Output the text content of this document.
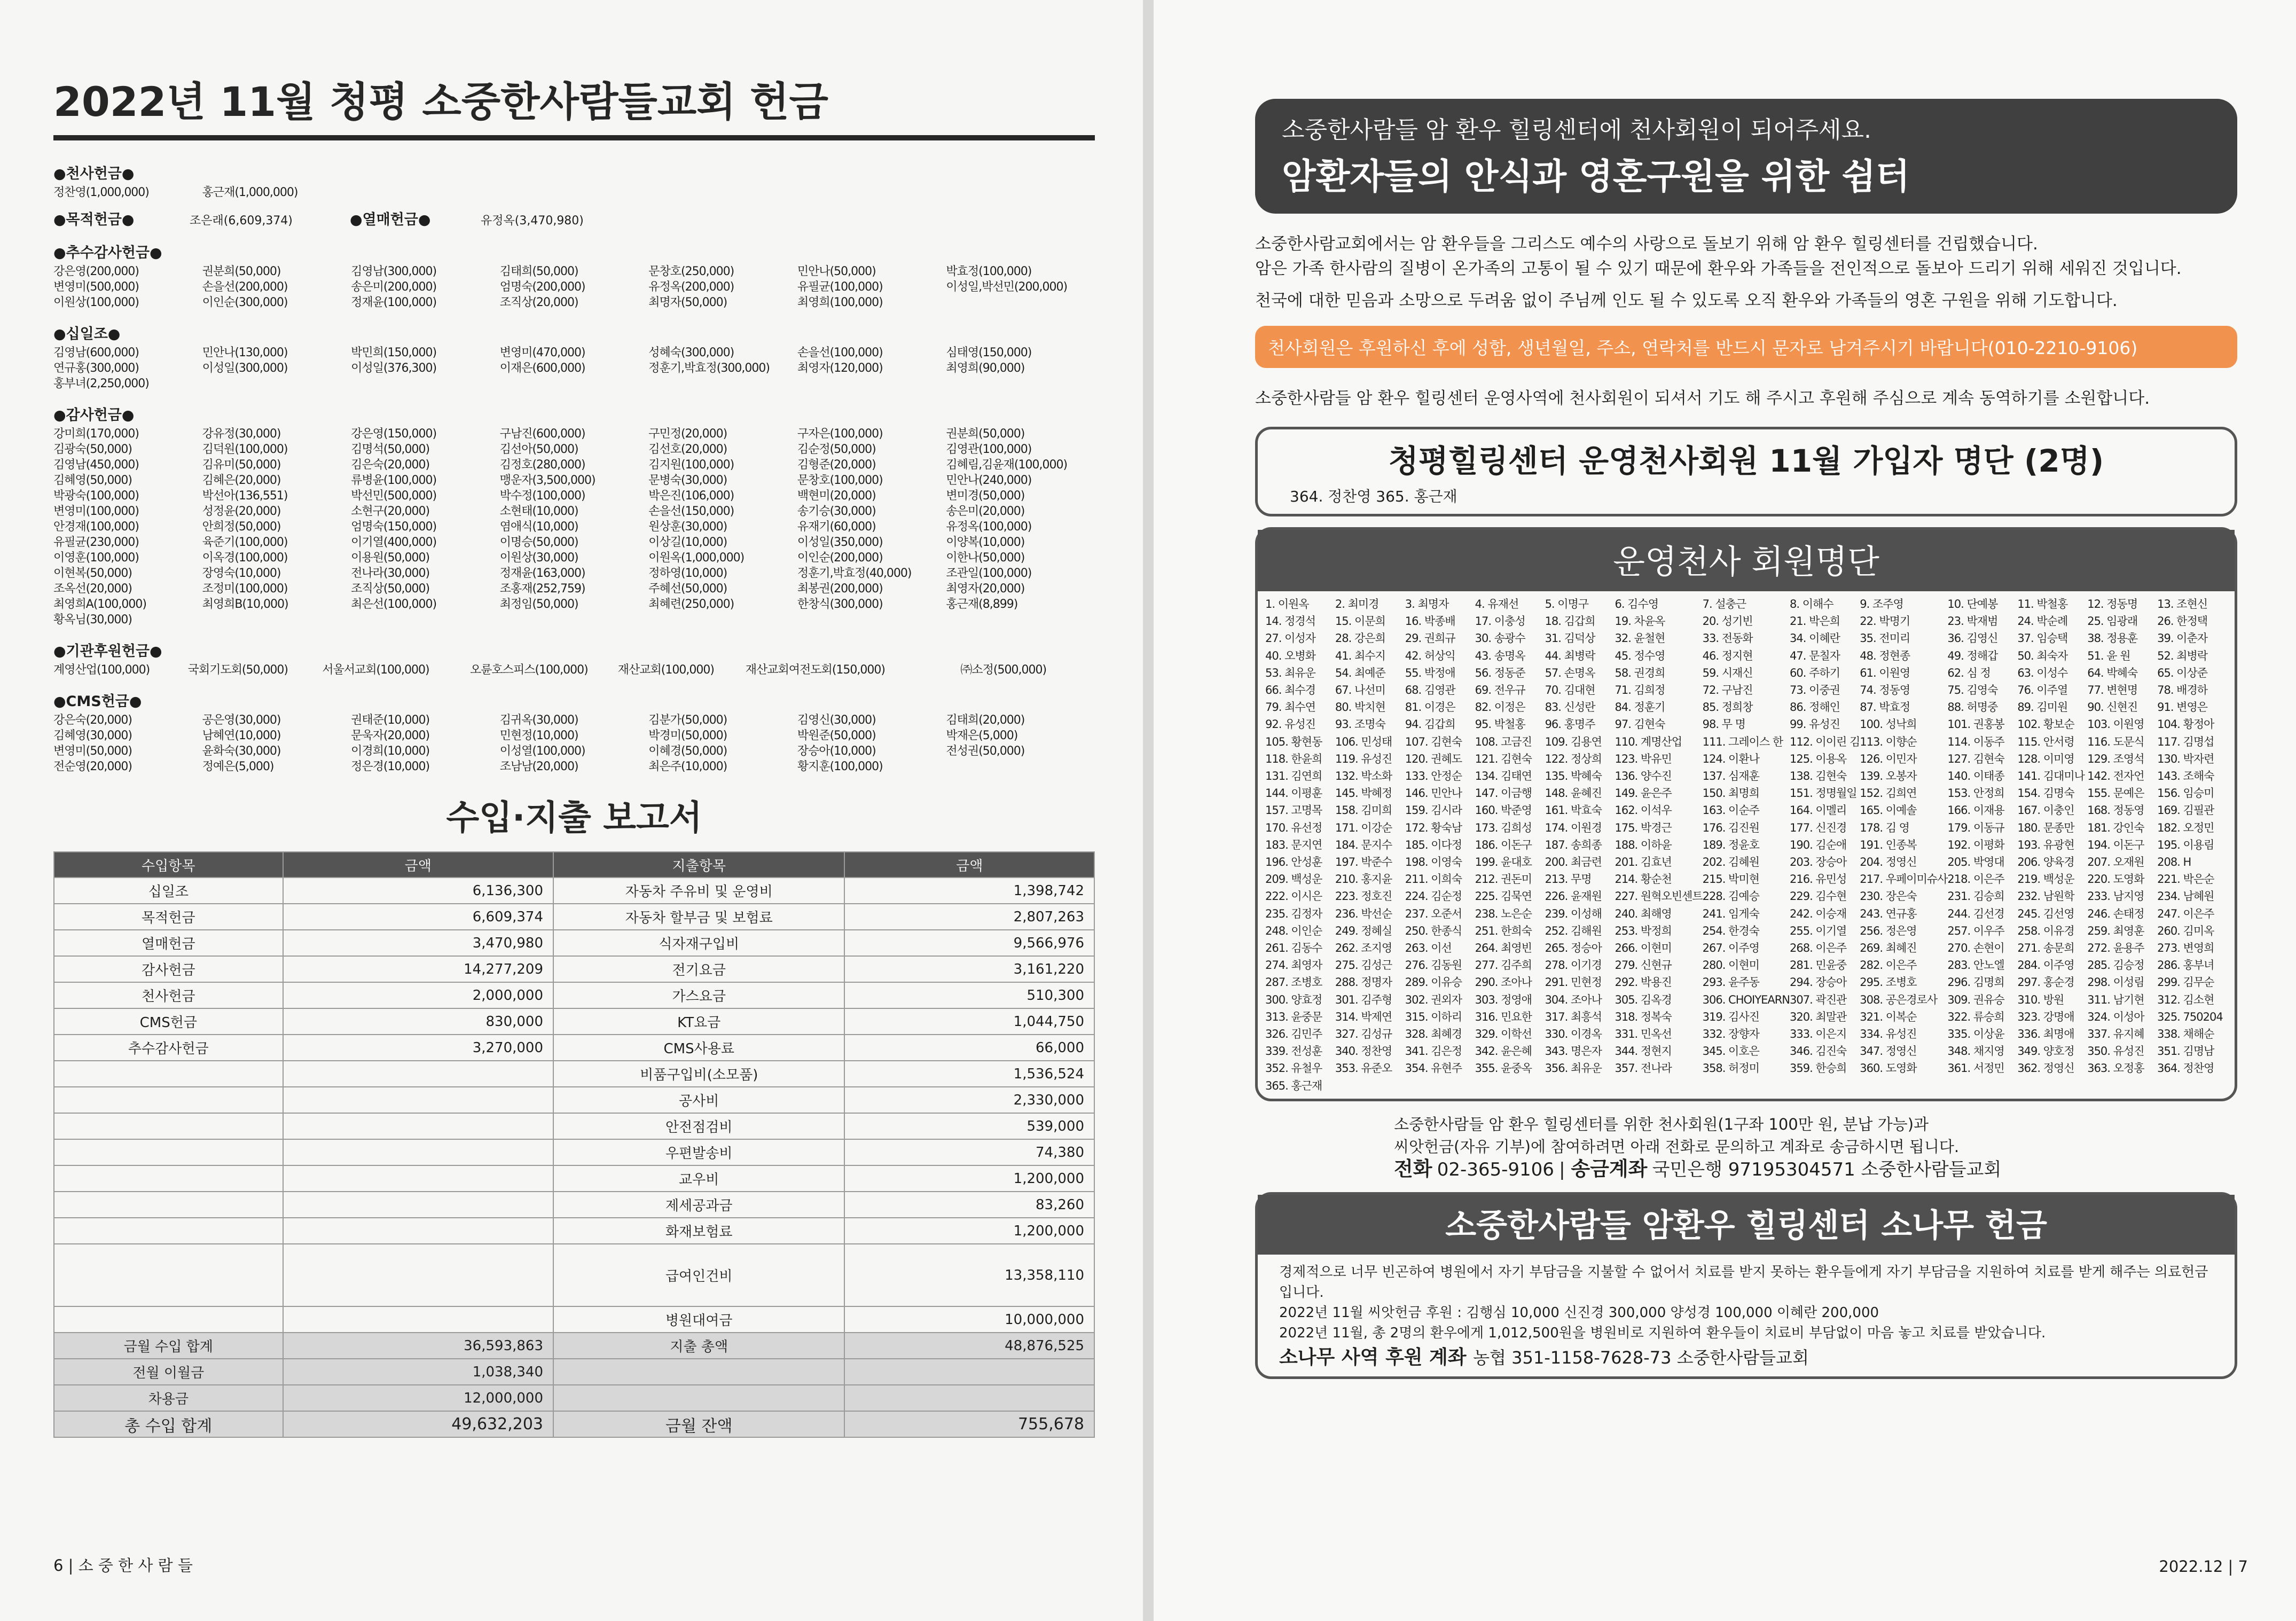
2022년 11월 청평 소중한사람들교회 헌금
●천사헌금●
정찬영(1,000,000)	홍근재(1,000,000)
●목적헌금●	조은래(6,609,374)	●열매헌금●	유정옥(3,470,980)
●추수감사헌금●
강은영(200,000)	권분희(50,000)	김영남(300,000)	김태희(50,000)	문창호(250,000)	민안나(50,000)	박효정(100,000)
변영미(500,000)	손을선(200,000)	송은미(200,000)	엄명숙(200,000)	유정옥(200,000)	유필균(100,000)	이성일,박선민(200,000)
이원상(100,000)	이인순(300,000)	정재윤(100,000)	조직상(20,000)	최명자(50,000)	최영희(100,000)
●십일조●
김영남(600,000)	민안나(130,000)	박민희(150,000)	변영미(470,000)	성혜숙(300,000)	손을선(100,000)	심태영(150,000)
연규홍(300,000)	이성일(300,000)	이성일(376,300)	이재은(600,000)	정훈기,박효정(300,000)	최영자(120,000)	최영희(90,000)
홍부녀(2,250,000)
●감사헌금●
강미희(170,000)	강유정(30,000)	강은영(150,000)	구남진(600,000)	구민정(20,000)	구자은(100,000)	권분희(50,000)
김광숙(50,000)	김덕원(100,000)	김명석(50,000)	김선아(50,000)	김선호(20,000)	김순정(50,000)	김영관(100,000)
김영남(450,000)	김유미(50,000)	김은숙(20,000)	김정호(280,000)	김지원(100,000)	김형준(20,000)	김혜림,김윤재(100,000)
김혜영(50,000)	김혜은(20,000)	류병윤(100,000)	맹운자(3,500,000)	문병숙(30,000)	문창호(100,000)	민안나(240,000)
박광숙(100,000)	박선아(136,551)	박선민(500,000)	박수정(100,000)	박은진(106,000)	백현미(20,000)	변미경(50,000)
변영미(100,000)	성정윤(20,000)	소현구(20,000)	소현태(10,000)	손을선(150,000)	송기승(30,000)	송은미(20,000)
안경재(100,000)	안희정(50,000)	엄명숙(150,000)	염애식(10,000)	원상훈(30,000)	유재기(60,000)	유정옥(100,000)
유필균(230,000)	육준기(100,000)	이기열(400,000)	이명승(50,000)	이상길(10,000)	이성일(350,000)	이양복(10,000)
이영훈(100,000)	이옥경(100,000)	이용원(50,000)	이원상(30,000)	이원옥(1,000,000)	이인순(200,000)	이한나(50,000)
이현복(50,000)	장영숙(10,000)	전나라(30,000)	정재윤(163,000)	정하영(10,000)	정훈기,박효정(40,000)	조관일(100,000)
조옥선(20,000)	조정미(100,000)	조직상(50,000)	조홍재(252,759)	주혜선(50,000)	최봉권(200,000)	최영자(20,000)
최영희A(100,000)	최영희B(10,000)	최은선(100,000)	최정임(50,000)	최혜련(250,000)	한창식(300,000)	홍근재(8,899)
황옥님(30,000)
●기관후원헌금●
계영산업(100,000)	국회기도회(50,000)	서울서교회(100,000)	오륜호스피스(100,000)	재산교회(100,000)	재산교회여전도회(150,000)	㈜소정(500,000)
●CMS헌금●
강은숙(20,000)	공은영(30,000)	권태준(10,000)	김귀옥(30,000)	김분가(50,000)	김영신(30,000)	김태희(20,000)
김혜영(30,000)	남혜연(10,000)	문욱자(20,000)	민현정(10,000)	박경미(50,000)	박원준(50,000)	박재은(5,000)
변영미(50,000)	윤화숙(30,000)	이경희(10,000)	이성열(100,000)	이혜경(50,000)	장승아(10,000)	전성권(50,000)
전순영(20,000)	정예은(5,000)	정은경(10,000)	조남남(20,000)	최은주(10,000)	황지훈(100,000)
수입·지출 보고서
수입항목	금액	지출항목	금액
십일조	6,136,300	자동차 주유비 및 운영비	1,398,742
목적헌금	6,609,374	자동차 할부금 및 보험료	2,807,263
열매헌금	3,470,980	식자재구입비	9,566,976
감사헌금	14,277,209	전기요금	3,161,220
천사헌금	2,000,000	가스요금	510,300
CMS헌금	830,000	KT요금	1,044,750
추수감사헌금	3,270,000	CMS사용료	66,000
		비품구입비(소모품)	1,536,524
		공사비	2,330,000
		안전점검비	539,000
		우편발송비	74,380
		교우비	1,200,000
		제세공과금	83,260
		화재보험료	1,200,000
		급여인건비	13,358,110
		병원대여금	10,000,000
금월 수입 합계	36,593,863	지출 총액	48,876,525
전월 이월금	1,038,340		
차용금	12,000,000		
총 수입 합계	49,632,203	금월 잔액	755,678
6 | 소 중 한 사 람 들
소중한사람들 암 환우 힐링센터에 천사회원이 되어주세요.
암환자들의 안식과 영혼구원을 위한 쉼터
소중한사람교회에서는 암 환우들을 그리스도 예수의 사랑으로 돌보기 위해 암 환우 힐링센터를 건립했습니다.
암은 가족 한사람의 질병이 온가족의 고통이 될 수 있기 때문에 환우와 가족들을 전인적으로 돌보아 드리기 위해 세워진 것입니다.
천국에 대한 믿음과 소망으로 두려움 없이 주님께 인도 될 수 있도록 오직 환우와 가족들의 영혼 구원을 위해 기도합니다.
천사회원은 후원하신 후에 성함, 생년월일, 주소, 연락처를 반드시 문자로 남겨주시기 바랍니다(010-2210-9106)
소중한사람들 암 환우 힐링센터 운영사역에 천사회원이 되셔서 기도 해 주시고 후원해 주심으로 계속 동역하기를 소원합니다.
청평힐링센터 운영천사회원 11월 가입자 명단 (2명)
364. 정찬영 365. 홍근재
운영천사 회원명단
1. 이원옥	2. 최미경	3. 최명자	4. 유재선	5. 이명구	6. 김수영	7. 설충근	8. 이해수	9. 조주영	10. 단예봉	11. 박철홍	12. 정동명	13. 조현신
14. 정경석	15. 이문희	16. 박종배	17. 이충성	18. 김갑희	19. 차윤옥	20. 성기빈	21. 박은희	22. 박명기	23. 박재범	24. 박순례	25. 임광래	26. 한정택
27. 이성자	28. 강은희	29. 권희규	30. 송광수	31. 김덕상	32. 윤철현	33. 전동화	34. 이혜란	35. 전미리	36. 김영신	37. 임승택	38. 정용훈	39. 이춘자
40. 오병화	41. 최수지	42. 허상익	43. 송명옥	44. 최병락	45. 정수영	46. 정지현	47. 문칠자	48. 정현종	49. 정해갑	50. 최숙자	51. 윤 원	52. 최병락
53. 최유운	54. 최예준	55. 박정애	56. 정동준	57. 손명옥	58. 권경희	59. 시재신	60. 주하기	61. 이원영	62. 심 정	63. 이성수	64. 박혜숙	65. 이상준
66. 최수경	67. 나선미	68. 김영관	69. 전우규	70. 김대현	71. 김희정	72. 구남진	73. 이중권	74. 정동영	75. 김영숙	76. 이주열	77. 변현명	78. 배경하
79. 최수연	80. 박치현	81. 이경은	82. 이정은	83. 신성란	84. 정훈기	85. 정희창	86. 정해인	87. 박효정	88. 허명중	89. 김미원	90. 신현진	91. 변영은
92. 유성진	93. 조명숙	94. 김갑희	95. 박철홍	96. 홍명주	97. 김현숙	98. 무 명	99. 유성진	100. 성낙희	101. 권홍봉	102. 황보순	103. 이원영	104. 황정아
105. 황현동	106. 민성태	107. 김현숙	108. 고금진	109. 김용연	110. 계명산업	111. 그레이스 한 112. 이이린 김 113. 이향순	114. 이동주	115. 안서령	116. 도문식	117. 김명섭
118. 한윤희	119. 유성진	120. 권혜도	121. 김현숙	122. 정상희	123. 박유민	124. 이환나	125. 이용옥	126. 이민자	127. 김현숙	128. 이미영	129. 조영석	130. 박자련
131. 김연희	132. 박소화	133. 안정순	134. 김태연	135. 박혜숙	136. 양수진	137. 심재훈	138. 김현숙	139. 오봉자	140. 이태종	141. 김대미나 142. 전자언	143. 조해숙
144. 이평훈	145. 박혜정	146. 민안나	147. 이금행	148. 윤혜진	149. 윤은주	150. 최명희	151. 정명월일 152. 김희연	153. 안정희	154. 김명숙	155. 문예은	156. 임승미
157. 고명목	158. 김미희	159. 김시라	160. 박준영	161. 박효숙	162. 이석우	163. 이순주	164. 이멜리	165. 이예솔	166. 이재용	167. 이충인	168. 정동영	169. 김필관
170. 유선정	171. 이강순	172. 황숙남	173. 김희성	174. 이원경	175. 박경근	176. 김진원	177. 신진경	178. 김 영	179. 이동규	180. 문종만	181. 강인숙	182. 오정민
183. 문지연	184. 문지수	185. 이다정	186. 이돈구	187. 송희종	188. 이하윤	189. 정윤호	190. 김순애	191. 인종복	192. 이평화	193. 유광현	194. 이돈구	195. 이용림
196. 안성훈	197. 박준수	198. 이영숙	199. 윤대호	200. 최금련	201. 김효년	202. 김혜원	203. 장승아	204. 정영신	205. 박영대	206. 양육경	207. 오재원	208. H
209. 백성운	210. 홍지윤	211. 이희숙	212. 권돈미	213. 무명	214. 황순천	215. 박미현	216. 유민성	217. 우페이미슈사 218. 이은주	219. 백성운	220. 도영화	221. 박은순
222. 이시은	223. 정호진	224. 김순정	225. 김묵연	226. 윤재원	227. 원혁오빈센트 228. 김예승	229. 김수현	230. 장은숙	231. 김승희	232. 남원학	233. 남지영	234. 남혜원
235. 김정자	236. 박선순	237. 오준서	238. 노은순	239. 이성해	240. 최해영	241. 임게숙	242. 이승재	243. 연규홍	244. 김선경	245. 김선영	246. 손태정	247. 이은주
248. 이인순	249. 정혜실	250. 한종식	251. 한희숙	252. 김해원	253. 박정희	254. 한경숙	255. 이기열	256. 정은영	257. 이우주	258. 이유경	259. 최영훈	260. 김미옥
261. 김동수	262. 조지영	263. 이선	264. 최영빈	265. 정승아	266. 이현미	267. 이주영	268. 이은주	269. 최혜진	270. 손현이	271. 송문희	272. 윤용주	273. 변영희
274. 최영자	275. 김성근	276. 김동원	277. 김주희	278. 이기경	279. 신현규	280. 이현미	281. 민윤중	282. 이은주	283. 안노엘	284. 이주영	285. 김승정	286. 홍부녀
287. 조병호	288. 정명자	289. 이유승	290. 조아나	291. 민현정	292. 박용진	293. 윤주동	294. 장승아	295. 조병호	296. 김명희	297. 홍순경	298. 이성림	299. 김무순
300. 양효정	301. 김주형	302. 권외자	303. 정영애	304. 조아나	305. 김옥경	306. CHOIYEARN 307. 곽진관	308. 공은경로사 309. 권유승	310. 방원	311. 남기현	312. 김소현
313. 윤중문	314. 박제연	315. 이하리	316. 민요한	317. 최흥석	318. 정복숙	319. 김사진	320. 최말관	321. 이복순	322. 류승희	323. 강명애	324. 이성아	325. 750204
326. 김민주	327. 김성규	328. 최혜경	329. 이학선	330. 이경옥	331. 민옥선	332. 장향자	333. 이은지	334. 유성진	335. 이상윤	336. 최명애	337. 유지혜	338. 채해순
339. 전성훈	340. 정찬영	341. 김은정	342. 윤은혜	343. 명은자	344. 정현지	345. 이호은	346. 김진숙	347. 정영신	348. 채지영	349. 양호정	350. 유성진	351. 김명남
352. 유철우	353. 유준오	354. 유현주	355. 윤중옥	356. 최유운	357. 전나라	358. 허정미	359. 한승희	360. 도영화	361. 서정민	362. 정영신	363. 오정홍	364. 정찬영
365. 홍근재
소중한사람들 암 환우 힐링센터를 위한 천사회원(1구좌 100만 원, 분납 가능)과
씨앗헌금(자유 기부)에 참여하려면 아래 전화로 문의하고 계좌로 송금하시면 됩니다.
전화 02-365-9106 | 송금계좌 국민은행 97195304571 소중한사람들교회
소중한사람들 암환우 힐링센터 소나무 헌금
경제적으로 너무 빈곤하여 병원에서 자기 부담금을 지불할 수 없어서 치료를 받지 못하는 환우들에게 자기 부담금을 지원하여 치료를 받게 해주는 의료헌금입니다.
2022년 11월 씨앗헌금 후원 : 김행심 10,000 신진경 300,000 양성경 100,000 이혜란 200,000
2022년 11월, 총 2명의 환우에게 1,012,500원을 병원비로 지원하여 환우들이 치료비 부담없이 마음 놓고 치료를 받았습니다.
소나무 사역 후원 계좌 농협 351-1158-7628-73 소중한사람들교회
2022.12 | 7
